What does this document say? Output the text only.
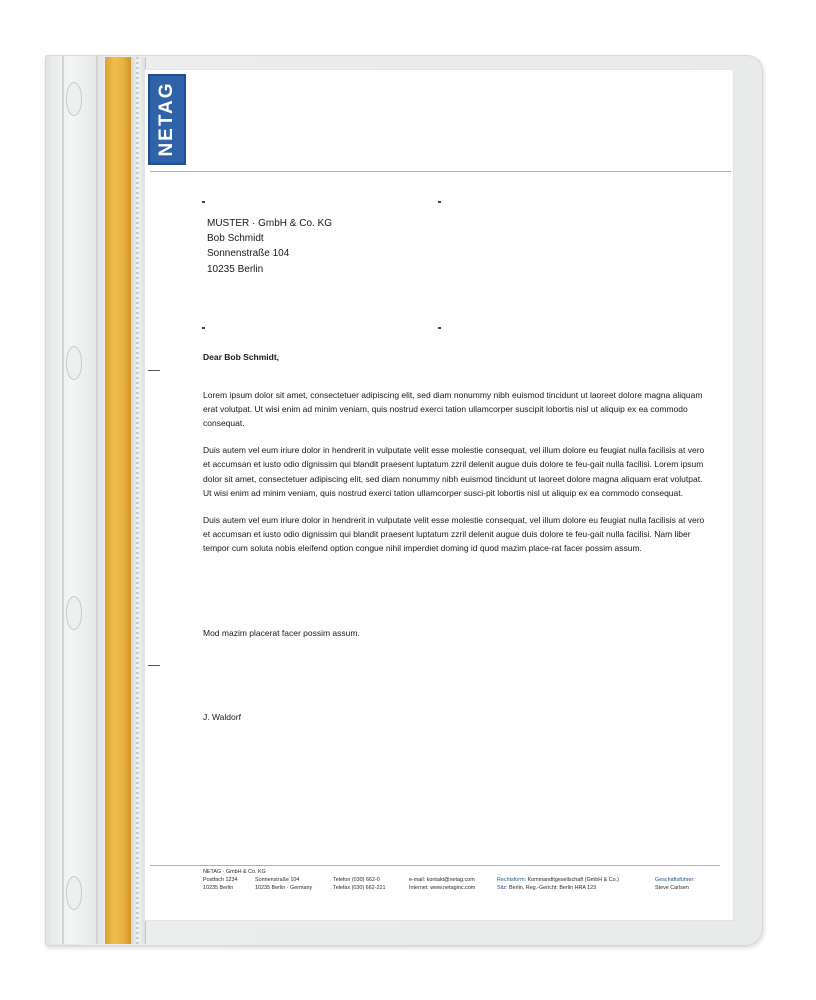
NETAG
MUSTER · GmbH & Co. KG
Bob Schmidt
Sonnenstraße 104
10235 Berlin
Dear Bob Schmidt,

Lorem ipsum dolor sit amet, consectetuer adipiscing elit, sed diam nonummy nibh euismod tincidunt ut laoreet dolore magna aliquam erat volutpat. Ut wisi enim ad minim veniam, quis nostrud exerci tation ullamcorper suscipit lobortis nisl ut aliquip ex ea commodo consequat.

Duis autem vel eum iriure dolor in hendrerit in vulputate velit esse molestie consequat, vel illum dolore eu feugiat nulla facilisis at vero et accumsan et iusto odio dignissim qui blandit praesent luptatum zzril delenit augue duis dolore te feu-gait nulla facilisi. Lorem ipsum dolor sit amet, consectetuer adipiscing elit, sed diam nonummy nibh euismod tincidunt ut laoreet dolore magna aliquam erat volutpat. Ut wisi enim ad minim veniam, quis nostrud exerci tation ullamcorper susci-pit lobortis nisl ut aliquip ex ea commodo consequat.

Duis autem vel eum iriure dolor in hendrerit in vulputate velit esse molestie consequat, vel illum dolore eu feugiat nulla facilisis at vero et accumsan et iusto odio dignissim qui blandit praesent luptatum zzril delenit augue duis dolore te feu-gait nulla facilisi. Nam liber tempor cum soluta nobis eleifend option congue nihil imperdiet doming id quod mazim place-rat facer possim assum.

Mod mazim placerat facer possim assum.
J. Waldorf
NETAG · GmbH & Co. KG
Postfach 1234
10235 Berlin
Sonnenstraße 104
10235 Berlin · Germany
Telefon (030) 662-0
Telefax (030) 662-221
e-mail: kontakt@netag.com
Internet: www.netaginc.com
Rechtsform: Kommanditgesellschaft (GmbH & Co.)
Sitz: Berlin, Reg.-Gericht: Berlin HRA 123
Geschäftsführer:
Steve Carlsen
